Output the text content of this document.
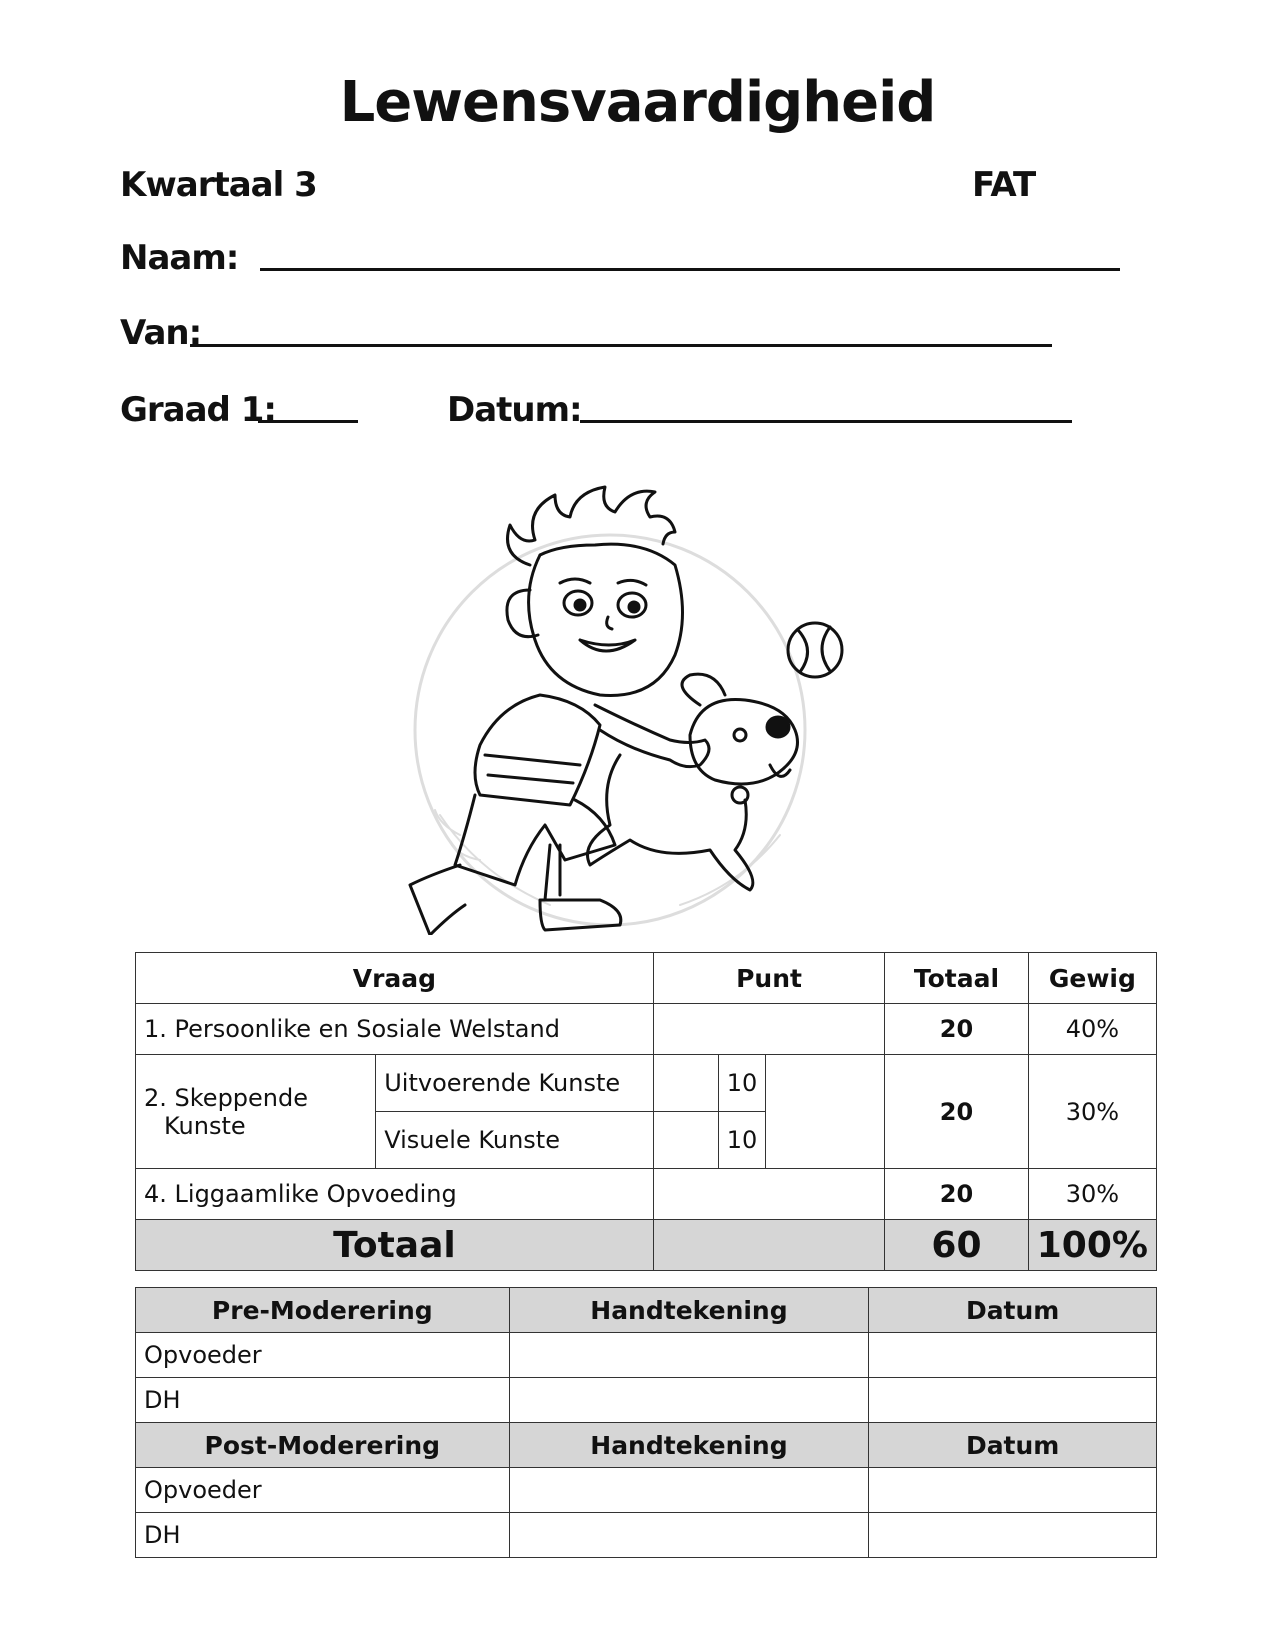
Lewensvaardigheid
Kwartaal 3	FAT
Naam:
Van:
Graad 1:	Datum:
Vraag		Punt			Totaal	Gewig
1. Persoonlike en Sosiale Welstand					20	40%

2. Skeppende
Kunste	Uitvoerende Kunste		10		20	30%
	Visuele Kunste		10			
4. Liggaamlike Opvoeding					20	30%
Totaal					60	100%
Pre-Moderering	Handtekening	Datum
Opvoeder		
DH		
Post-Moderering	Handtekening	Datum
Opvoeder		
DH		
